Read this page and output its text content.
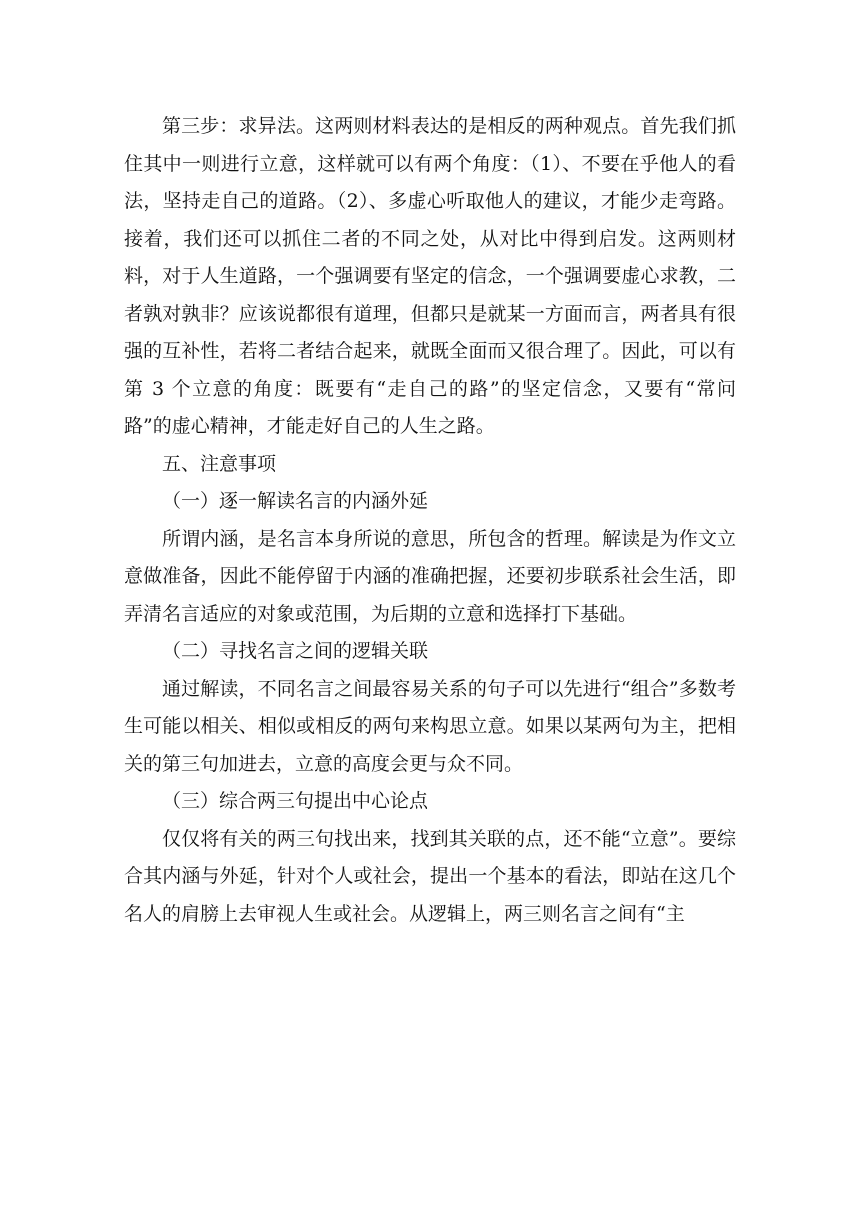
第三步：求异法。这两则材料表达的是相反的两种观点。首先我们抓住其中一则进行立意，这样就可以有两个角度：（1）、不要在乎他人的看法，坚持走自己的道路。（2）、多虚心听取他人的建议，才能少走弯路。接着，我们还可以抓住二者的不同之处，从对比中得到启发。这两则材料，对于人生道路，一个强调要有坚定的信念，一个强调要虚心求教，二者孰对孰非？应该说都很有道理，但都只是就某一方面而言，两者具有很强的互补性，若将二者结合起来，就既全面而又很合理了。因此，可以有第 3 个立意的角度：既要有“走自己的路”的坚定信念，又要有“常问路”的虚心精神，才能走好自己的人生之路。

五、注意事项

（一）逐一解读名言的内涵外延

所谓内涵，是名言本身所说的意思，所包含的哲理。解读是为作文立意做准备，因此不能停留于内涵的准确把握，还要初步联系社会生活，即弄清名言适应的对象或范围，为后期的立意和选择打下基础。

（二）寻找名言之间的逻辑关联

通过解读，不同名言之间最容易关系的句子可以先进行“组合”多数考生可能以相关、相似或相反的两句来构思立意。如果以某两句为主，把相关的第三句加进去，立意的高度会更与众不同。

（三）综合两三句提出中心论点

仅仅将有关的两三句找出来，找到其关联的点，还不能“立意”。要综合其内涵与外延，针对个人或社会，提出一个基本的看法，即站在这几个名人的肩膀上去审视人生或社会。从逻辑上，两三则名言之间有“主
